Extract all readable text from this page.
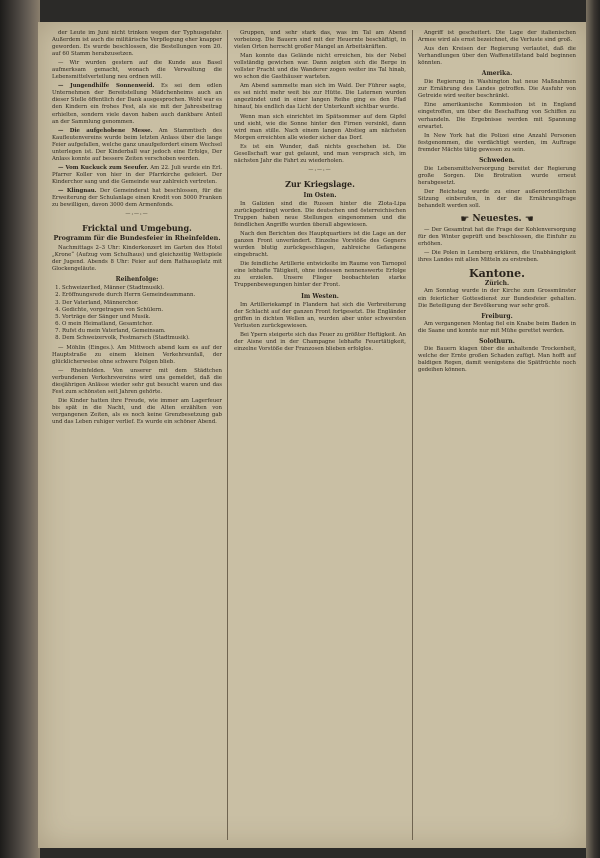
der Leute im Juni nicht trinken wegen der Typhusgefahr. Außerdem ist auch die militärische Verpflegung eher knapper geworden. Es wurde beschlossen, die Bestellungen vom 20. auf 60 Stamm herabzusetzen.

— Wir wurden gestern auf die Kunde aus Basel aufmerksam gemacht, wonach die Verwaltung die Lebensmittelverteilung neu ordnen will.

— Jungendhilfe Sonnenweid. Es sei dem edlen Unternehmen der Bereitstellung Mädchenheims auch an dieser Stelle öffentlich der Dank ausgesprochen. Wohl war es den Kindern ein frohes Fest, als sie mit der Jahresbeitrag erhielten, sondern viele davon haben auch dankbare Anteil an der Sammlung genommen.

— Die aufgehobene Messe. Am Stammtisch des Kaufleutenvereins wurde beim letzten Anlass über die lange Feier aufgefallen, welche ganz unaufgefordert einem Wechsel unterlegen ist. Der Kinderball war jedoch eine Erfolgs, Der Anlass konnte auf bessere Zeiten verschoben werden.

— Vom Kuckuck zum Seeufer. Am 22. Juli wurde ein Erl. Pfarrer Koller von hier in der Pfarrkirche gefeiert. Der Kinderchor sang und die Gemeinde war zahlreich vertreten.

— Klingnau. Der Gemeinderat hat beschlossen, für die Erweiterung der Schulanlage einen Kredit von 5000 Franken zu bewilligen, davon 3000 dem Armenfonds.

—:—:—
Fricktal und Umgebung.
Programm für die Bundesfeier in Rheinfelden.

Nachmittags 2–3 Uhr: Kinderkonzert im Garten des Hotel „Krone“ (Aufzug vom Schulhaus) und gleichzeitig Wettspiele der Jugend. Abends 8 Uhr: Feier auf dem Rathausplatz mit Glockengeläute.

Reihenfolge:
1. Schweizerlied, Männer (Stadtmusik).
2. Eröffnungsrede durch Herrn Gemeindeammann.
3. Der Vaterland, Männerchor.
4. Gedichte, vorgetragen von Schülern.
5. Vorträge der Sänger und Musik.
6. O mein Heimatland, Gesamtchor.
7. Rufst du mein Vaterland, Gemeinsam.
8. Dem Schweizervolk, Festmarsch (Stadtmusik).

— Möhlin (Einges.). Am Mittwoch abend kam es auf der Hauptstraße zu einem kleinen Verkehrsunfall, der glücklicherweise ohne schwere Folgen blieb.

— Rheinfelden. Von unserer mit dem Städtchen verbundenen Verkehrsvereins wird uns gemeldet, daß die diesjährigen Anlässe wieder sehr gut besucht waren und das Fest zum schönsten seit Jahren gehörte.

Die Kinder hatten ihre Freude, wie immer am Lagerfeuer bis spät in die Nacht, und die Alten erzählten von vergangenen Zeiten, als es noch keine Grenzbesetzung gab und das Leben ruhiger verlief. Es wurde ein schöner Abend.

Gruppen, und sehr stark das, was im Tal am Abend vorbeizog. Die Bauern sind mit der Heuernte beschäftigt, in vielen Orten herrscht großer Mangel an Arbeitskräften.

Man konnte das Gelände nicht erreichen, bis der Nebel vollständig gewichen war. Dann zeigten sich die Berge in vollster Pracht und die Wanderer zogen weiter ins Tal hinab, wo schon die Gasthäuser warteten.

Am Abend sammelte man sich im Wald. Der Führer sagte, es sei nicht mehr weit bis zur Hütte. Die Laternen wurden angezündet und in einer langen Reihe ging es den Pfad hinauf, bis endlich das Licht der Unterkunft sichtbar wurde.

Wenn man sich einrichtet im Spätsommer auf dem Gipfel und sieht, wie die Sonne hinter den Firnen versinkt, dann wird man stille. Nach einem langen Abstieg am nächsten Morgen erreichten alle wieder sicher das Dorf.

Es ist ein Wunder, daß nichts geschehen ist. Die Gesellschaft war gut gelaunt, und man versprach sich, im nächsten Jahr die Fahrt zu wiederholen.

—:—:—
Zur Kriegslage.
Im Osten.

In Galizien sind die Russen hinter die Zlota-Lipa zurückgedrängt worden. Die deutschen und österreichischen Truppen haben neue Stellungen eingenommen und die feindlichen Angriffe wurden überall abgewiesen.

Nach den Berichten des Hauptquartiers ist die Lage an der ganzen Front unverändert. Einzelne Vorstöße des Gegners wurden blutig zurückgeschlagen, zahlreiche Gefangene eingebracht.

Die feindliche Artillerie entwickelte im Raume von Tarnopol eine lebhafte Tätigkeit, ohne indessen nennenswerte Erfolge zu erzielen. Unsere Flieger beobachteten starke Truppenbewegungen hinter der Front.

Im Westen.

Im Artilleriekampf in Flandern hat sich die Verbreiterung der Schlacht auf der ganzen Front fortgesetzt. Die Engländer griffen in dichten Wellen an, wurden aber unter schwersten Verlusten zurückgewiesen.

Bei Ypern steigerte sich das Feuer zu größter Heftigkeit. An der Aisne und in der Champagne lebhafte Feuertätigkeit, einzelne Vorstöße der Franzosen blieben erfolglos.

Angriff ist gescheitert. Die Lage der italienischen Armee wird als ernst bezeichnet, die Verluste sind groß.

Aus den Kreisen der Regierung verlautet, daß die Verhandlungen über den Waffenstillstand bald beginnen könnten.

Amerika.

Die Regierung in Washington hat neue Maßnahmen zur Ernährung des Landes getroffen. Die Ausfuhr von Getreide wird weiter beschränkt.

Eine amerikanische Kommission ist in England eingetroffen, um über die Beschaffung von Schiffen zu verhandeln. Die Ergebnisse werden mit Spannung erwartet.

In New York hat die Polizei eine Anzahl Personen festgenommen, die verdächtigt werden, im Auftrage fremder Mächte tätig gewesen zu sein.

Schweden.

Die Lebensmittelversorgung bereitet der Regierung große Sorgen. Die Brotration wurde erneut herabgesetzt.

Der Reichstag wurde zu einer außerordentlichen Sitzung einberufen, in der die Ernährungsfrage behandelt werden soll.

☛ Neuestes. ☚

— Der Gesamtrat hat die Frage der Kohlenversorgung für den Winter geprüft und beschlossen, die Einfuhr zu erhöhen.

— Die Polen in Lemberg erklären, die Unabhängigkeit ihres Landes mit allen Mitteln zu erstreben.

Kantone.
Zürich.

Am Sonntag wurde in der Kirche zum Grossmünster ein feierlicher Gottesdienst zur Bundesfeier gehalten. Die Beteiligung der Bevölkerung war sehr groß.

Freiburg.

Am vergangenen Montag fiel ein Knabe beim Baden in die Saane und konnte nur mit Mühe gerettet werden.

Solothurn.

Die Bauern klagen über die anhaltende Trockenheit, welche der Ernte großen Schaden zufügt. Man hofft auf baldigen Regen, damit wenigstens die Spätfrüchte noch gedeihen können.
